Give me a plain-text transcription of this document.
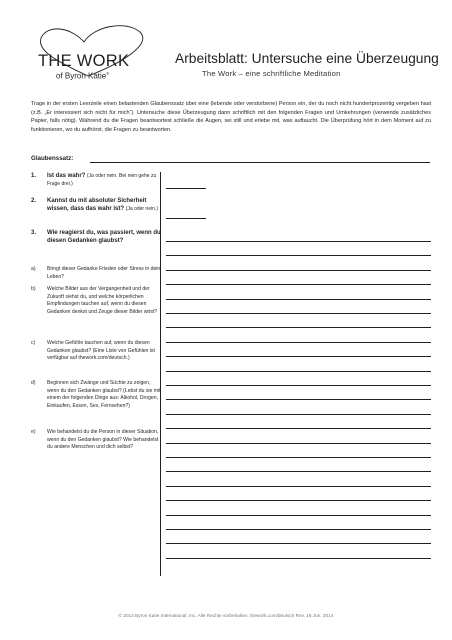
THE WORK
of Byron Katie®
Arbeitsblatt: Untersuche eine Überzeugung
The Work – eine schriftliche Meditation
Trage in der ersten Leerzeile einen belastenden Glaubenssatz über eine (lebende oder verstorbene) Person ein, der du noch nicht hundertprozentig vergeben hast (z.B. „Er interessiert sich nicht für mich“). Untersuche diese Überzeugung dann schriftlich mit den folgenden Fragen und Umkehrungen (verwende zusätzliches Papier, falls nötig). Während du die Fragen beantwortest schließe die Augen, sei still und erlebe mit, was auftaucht. Die Überprüfung hört in dem Moment auf zu funktionieren, wo du aufhörst, die Fragen zu beantworten.
Glaubenssatz:
1. Ist das wahr? (Ja oder nein. Bei nein gehe zu Frage drei.)
2. Kannst du mit absoluter Sicherheit wissen, dass das wahr ist? (Ja oder nein.)
3. Wie reagierst du, was passiert, wenn du diesen Gedanken glaubst?
a) Bringt dieser Gedanke Frieden oder Stress in dein Leben?
b) Welche Bilder aus der Vergangenheit und der Zukunft siehst du, und welche körperlichen Empfindungen tauchen auf, wenn du diesen Gedanken denkst und Zeuge dieser Bilder wirst?
c) Welche Gefühle tauchen auf, wenn du diesen Gedanken glaubst? (Eine Liste von Gefühlen ist verfügbar auf thework.com/deutsch.)
d) Beginnen sich Zwänge und Süchte zu zeigen, wenn du den Gedanken glaubst? (Lebst du sie mit einem der folgenden Dinge aus: Alkohol, Drogen, Einkaufen, Essen, Sex, Fernsehen?)
e) Wie behandelst du die Person in dieser Situation, wenn du den Gedanken glaubst? Wie behandelst du andere Menschen und dich selbst?
© 2014 Byron Katie International, Inc. Alle Rechte vorbehalten. thework.com/deutsch Rev. 16 Jun. 2014
